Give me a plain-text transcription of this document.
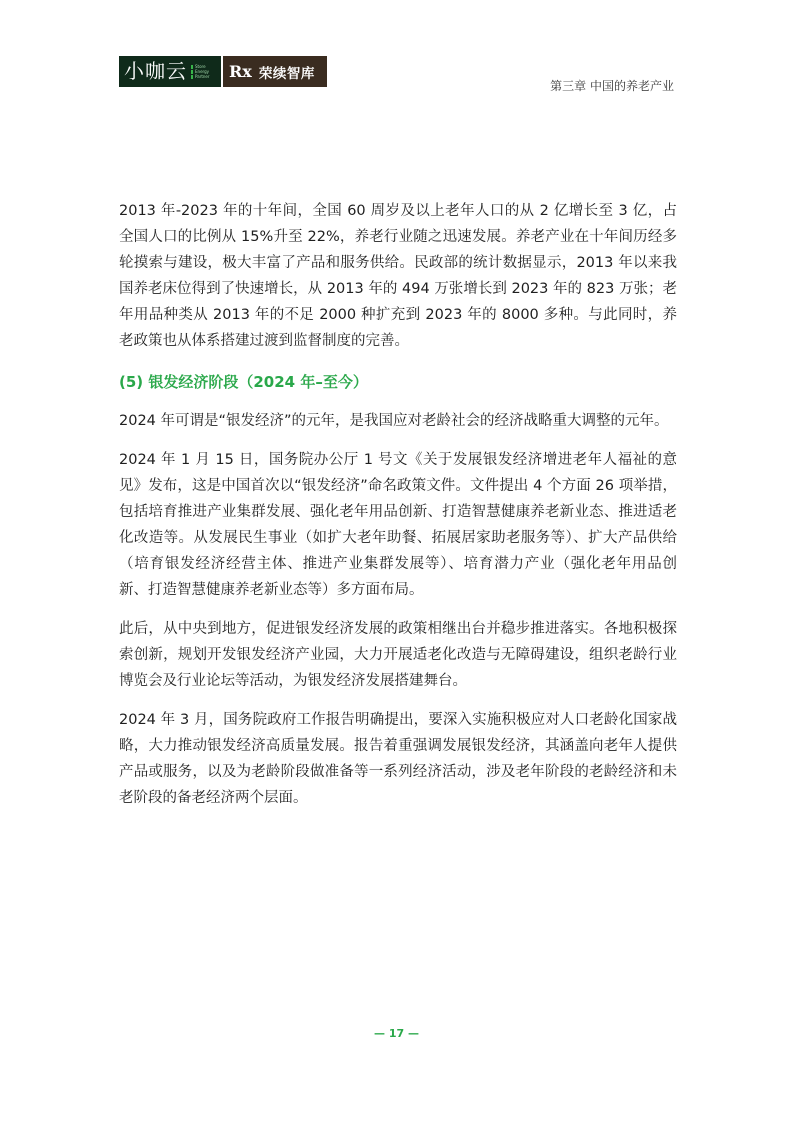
小咖云 Store
Energy
Partner Rx 荣续智库
第三章 中国的养老产业

2013 年-2023 年的十年间，全国 60 周岁及以上老年人口的从 2 亿增长至 3 亿，占全国人口的比例从 15%升至 22%，养老行业随之迅速发展。养老产业在十年间历经多轮摸索与建设，极大丰富了产品和服务供给。民政部的统计数据显示，2013 年以来我国养老床位得到了快速增长，从 2013 年的 494 万张增长到 2023 年的 823 万张；老年用品种类从 2013 年的不足 2000 种扩充到 2023 年的 8000 多种。与此同时，养老政策也从体系搭建过渡到监督制度的完善。

(5) 银发经济阶段（2024 年–至今）

2024 年可谓是“银发经济”的元年，是我国应对老龄社会的经济战略重大调整的元年。

2024 年 1 月 15 日，国务院办公厅 1 号文《关于发展银发经济增进老年人福祉的意见》发布，这是中国首次以“银发经济”命名政策文件。文件提出 4 个方面 26 项举措，包括培育推进产业集群发展、强化老年用品创新、打造智慧健康养老新业态、推进适老化改造等。从发展民生事业（如扩大老年助餐、拓展居家助老服务等）、扩大产品供给（培育银发经济经营主体、推进产业集群发展等）、培育潜力产业（强化老年用品创新、打造智慧健康养老新业态等）多方面布局。

此后，从中央到地方，促进银发经济发展的政策相继出台并稳步推进落实。各地积极探索创新，规划开发银发经济产业园，大力开展适老化改造与无障碍建设，组织老龄行业博览会及行业论坛等活动，为银发经济发展搭建舞台。

2024 年 3 月，国务院政府工作报告明确提出，要深入实施积极应对人口老龄化国家战略，大力推动银发经济高质量发展。报告着重强调发展银发经济，其涵盖向老年人提供产品或服务，以及为老龄阶段做准备等一系列经济活动，涉及老年阶段的老龄经济和未老阶段的备老经济两个层面。

— 17 —
